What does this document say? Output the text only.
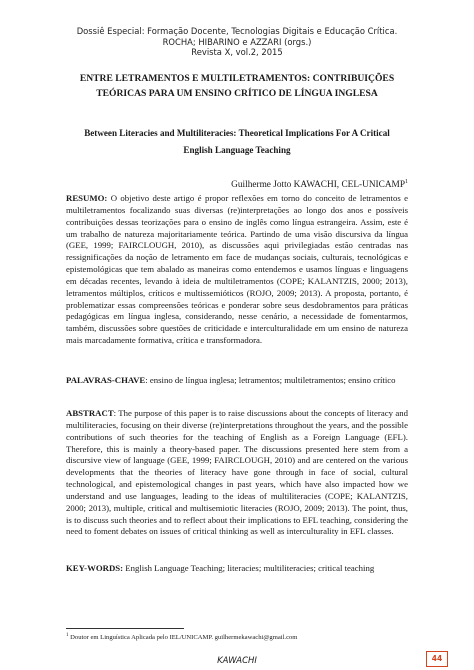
Dossiê Especial: Formação Docente, Tecnologias Digitais e Educação Crítica.
ROCHA; HIBARINO e AZZARI (orgs.)
Revista X, vol.2, 2015
ENTRE LETRAMENTOS E MULTILETRAMENTOS: CONTRIBUIÇÕES
TEÓRICAS PARA UM ENSINO CRÍTICO DE LÍNGUA INGLESA
Between Literacies and Multiliteracies: Theoretical Implications For A Critical
English Language Teaching
Guilherme Jotto KAWACHI, CEL-UNICAMP$^1$
RESUMO: O objetivo deste artigo é propor reflexões em torno do conceito de letramentos e multiletramentos focalizando suas diversas (re)interpretações ao longo dos anos e possíveis contribuições dessas teorizações para o ensino de inglês como língua estrangeira. Assim, este é um trabalho de natureza majoritariamente teórica. Partindo de uma visão discursiva da língua (GEE, 1999; FAIRCLOUGH, 2010), as discussões aqui privilegiadas estão centradas nas ressignificações da noção de letramento em face de mudanças sociais, culturais, tecnológicas e epistemológicas que tem abalado as maneiras como entendemos e usamos línguas e linguagens em décadas recentes, levando à ideia de multiletramentos (COPE; KALANTZIS, 2000; 2013), letramentos múltiplos, críticos e multissemióticos (ROJO, 2009; 2013). A proposta, portanto, é problematizar essas compreensões teóricas e ponderar sobre seus desdobramentos para práticas pedagógicas em língua inglesa, considerando, nesse cenário, a necessidade de fomentarmos, também, discussões sobre questões de criticidade e interculturalidade em um ensino de natureza mais marcadamente formativa, crítica e transformadora.
PALAVRAS-CHAVE: ensino de língua inglesa; letramentos; multiletramentos; ensino crítico
ABSTRACT: The purpose of this paper is to raise discussions about the concepts of literacy and multiliteracies, focusing on their diverse (re)interpretations throughout the years, and the possible contributions of such theories for the teaching of English as a Foreign Language (EFL). Therefore, this is mainly a theory-based paper. The discussions presented here stem from a discursive view of language (GEE, 1999; FAIRCLOUGH, 2010) and are centered on the various developments that the theories of literacy have gone through in face of social, cultural technological, and epistemological changes in past years, which have also impacted how we understand and use languages, leading to the ideas of multiliteracies (COPE; KALANTZIS, 2000; 2013), multiple, critical and multisemiotic literacies (ROJO, 2009; 2013). The point, thus, is to discuss such theories and to reflect about their implications to EFL teaching, considering the need to foment debates on issues of critical thinking as well as interculturality in EFL classes.
KEY-WORDS: English Language Teaching; literacies; multiliteracies; critical teaching
$^1$ Doutor em Linguística Aplicada pelo IEL/UNICAMP. guilhermekawachi@gmail.com
KAWACHI	44
